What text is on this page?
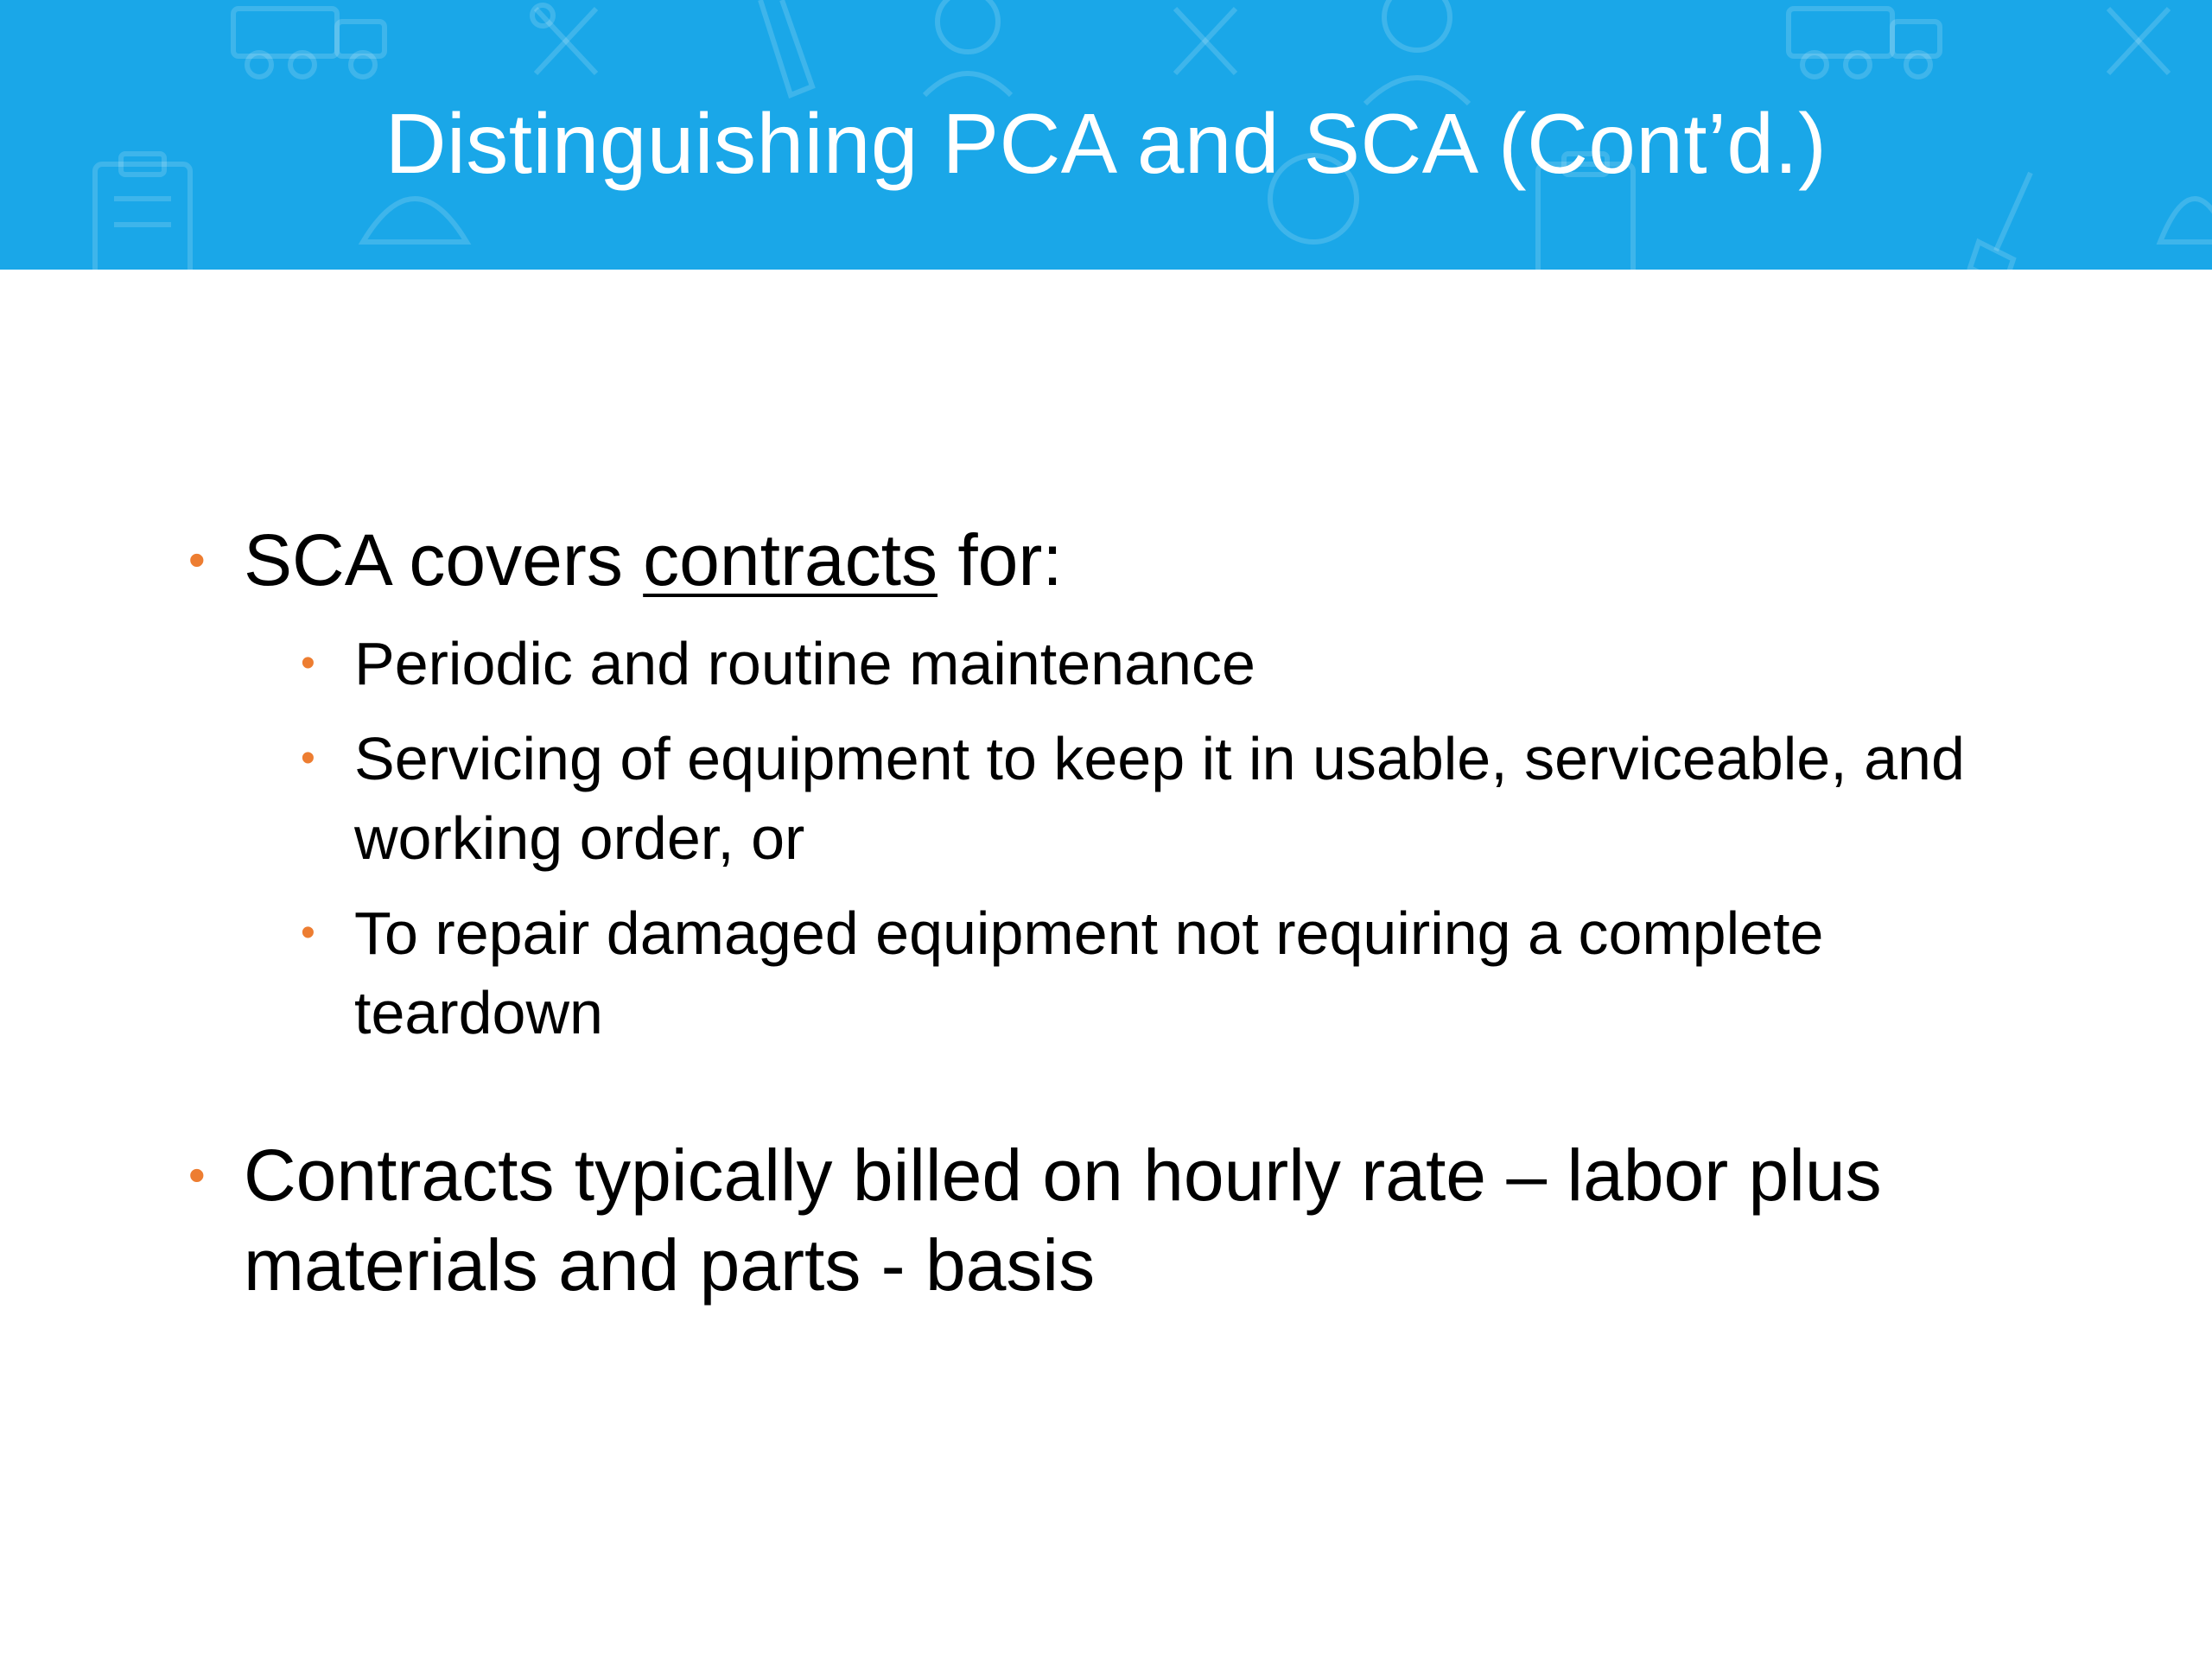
Distinguishing PCA and SCA (Cont’d.)
• SCA covers contracts for:
• Periodic and routine maintenance
• Servicing of equipment to keep it in usable, serviceable, and working order, or
• To repair damaged equipment not requiring a complete teardown
• Contracts typically billed on hourly rate – labor plus materials and parts - basis
